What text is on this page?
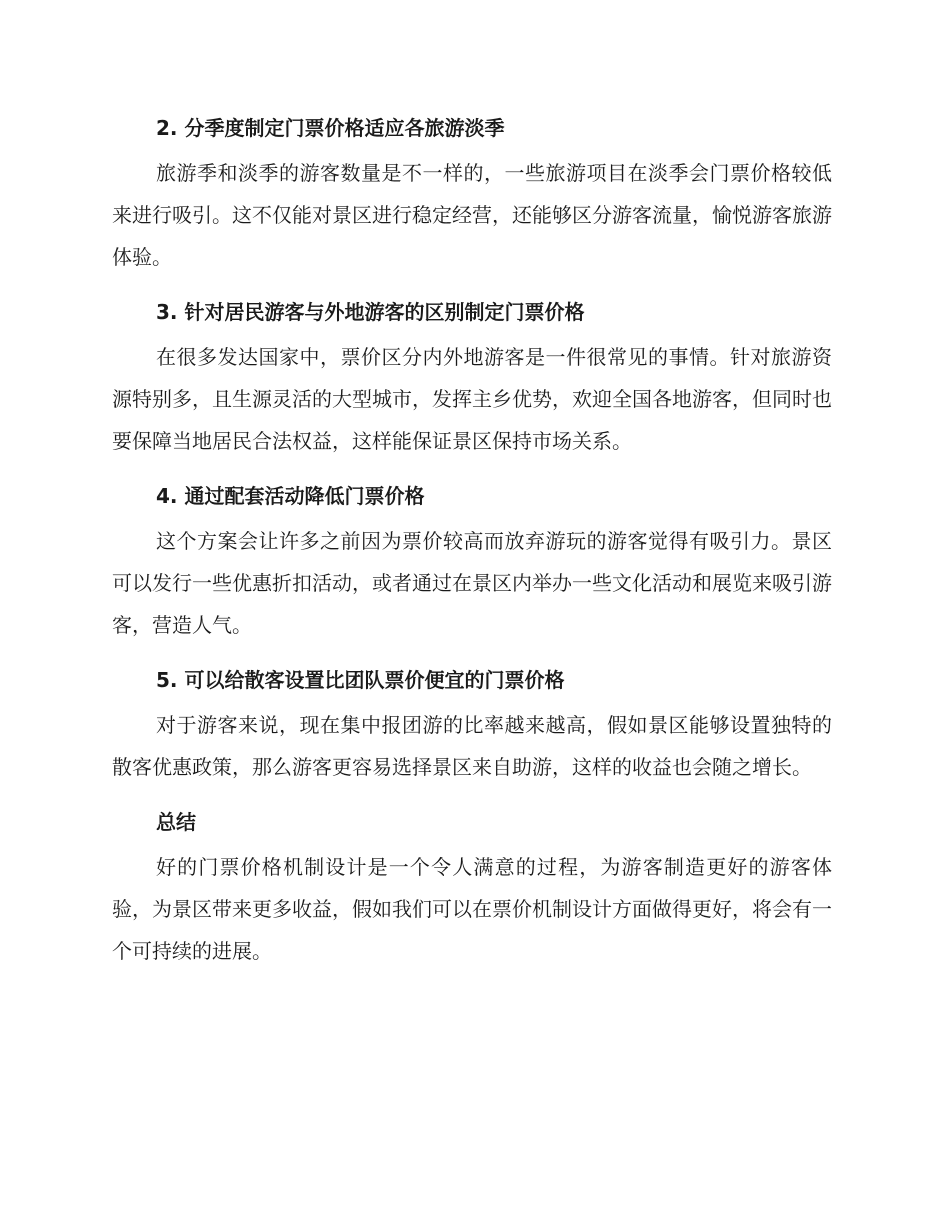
2. 分季度制定门票价格适应各旅游淡季

旅游季和淡季的游客数量是不一样的，一些旅游项目在淡季会门票价格较低来进行吸引。这不仅能对景区进行稳定经营，还能够区分游客流量，愉悦游客旅游体验。

3. 针对居民游客与外地游客的区别制定门票价格

在很多发达国家中，票价区分内外地游客是一件很常见的事情。针对旅游资源特别多，且生源灵活的大型城市，发挥主乡优势，欢迎全国各地游客，但同时也要保障当地居民合法权益，这样能保证景区保持市场关系。

4. 通过配套活动降低门票价格

这个方案会让许多之前因为票价较高而放弃游玩的游客觉得有吸引力。景区可以发行一些优惠折扣活动，或者通过在景区内举办一些文化活动和展览来吸引游客，营造人气。

5. 可以给散客设置比团队票价便宜的门票价格

对于游客来说，现在集中报团游的比率越来越高，假如景区能够设置独特的散客优惠政策，那么游客更容易选择景区来自助游，这样的收益也会随之增长。

总结

好的门票价格机制设计是一个令人满意的过程，为游客制造更好的游客体验，为景区带来更多收益，假如我们可以在票价机制设计方面做得更好，将会有一个可持续的进展。
